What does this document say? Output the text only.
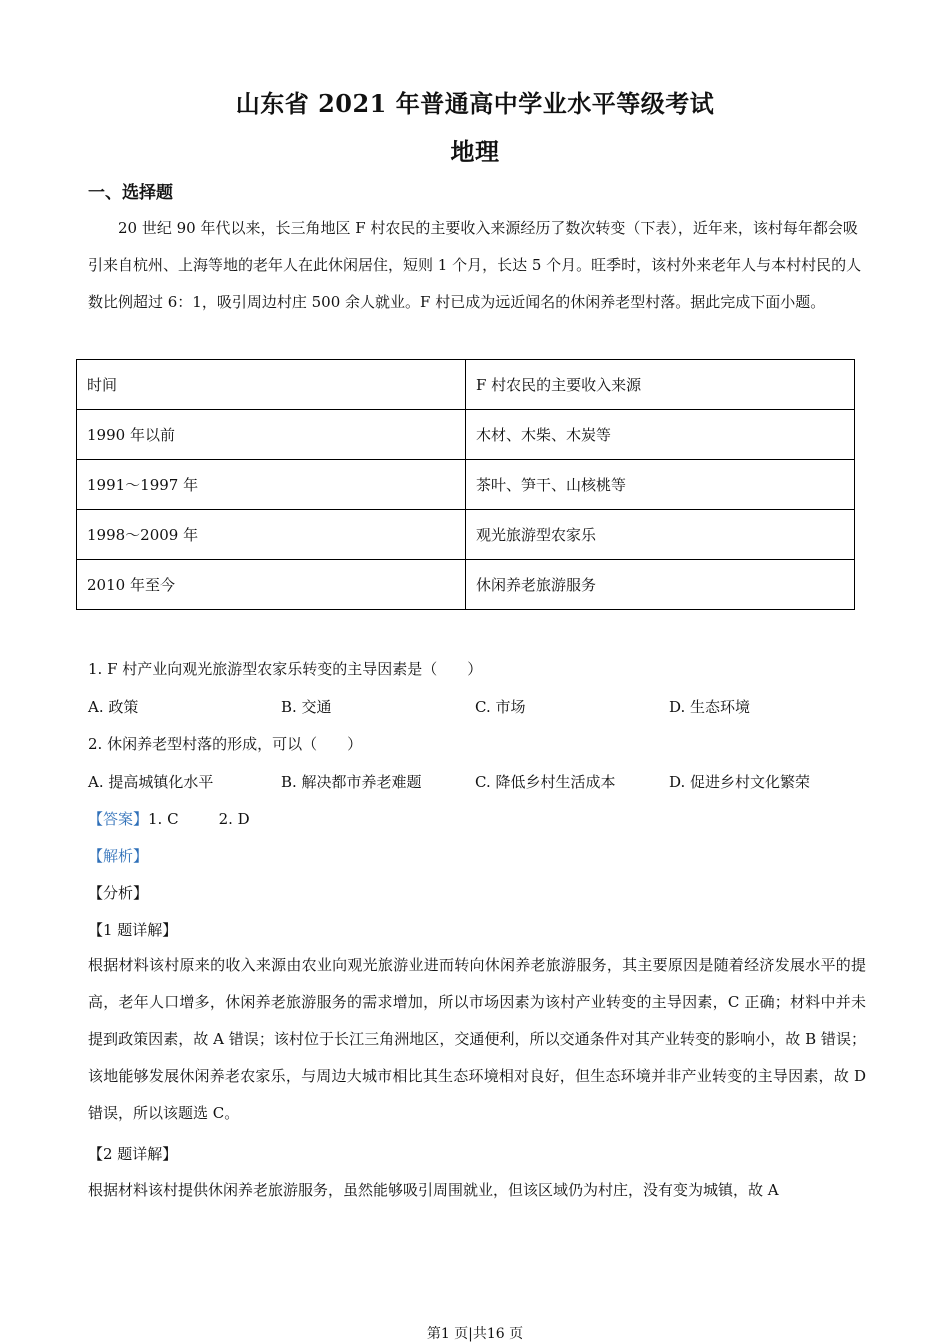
山东省 2021 年普通高中学业水平等级考试
地理
一、选择题
20 世纪 90 年代以来，长三角地区 F 村农民的主要收入来源经历了数次转变（下表），近年来，该村每年都会吸引来自杭州、上海等地的老年人在此休闲居住，短则 1 个月，长达 5 个月。旺季时，该村外来老年人与本村村民的人数比例超过 6：1，吸引周边村庄 500 余人就业。F 村已成为远近闻名的休闲养老型村落。据此完成下面小题。
时间	F 村农民的主要收入来源
1990 年以前	木材、木柴、木炭等
1991～1997 年	茶叶、笋干、山核桃等
1998～2009 年	观光旅游型农家乐
2010 年至今	休闲养老旅游服务
1. F 村产业向观光旅游型农家乐转变的主导因素是（　　）
A. 政策	B. 交通	C. 市场	D. 生态环境
2. 休闲养老型村落的形成，可以（　　）
A. 提高城镇化水平	B. 解决都市养老难题	C. 降低乡村生活成本	D. 促进乡村文化繁荣
【答案】1. C	2. D
【解析】
【分析】
【1 题详解】
根据材料该村原来的收入来源由农业向观光旅游业进而转向休闲养老旅游服务，其主要原因是随着经济发展水平的提高，老年人口增多，休闲养老旅游服务的需求增加，所以市场因素为该村产业转变的主导因素，C 正确；材料中并未提到政策因素，故 A 错误；该村位于长江三角洲地区，交通便利，所以交通条件对其产业转变的影响小，故 B 错误；该地能够发展休闲养老农家乐，与周边大城市相比其生态环境相对良好，但生态环境并非产业转变的主导因素，故 D 错误，所以该题选 C。
【2 题详解】
根据材料该村提供休闲养老旅游服务，虽然能够吸引周围就业，但该区域仍为村庄，没有变为城镇，故 A
第1 页|共16 页
